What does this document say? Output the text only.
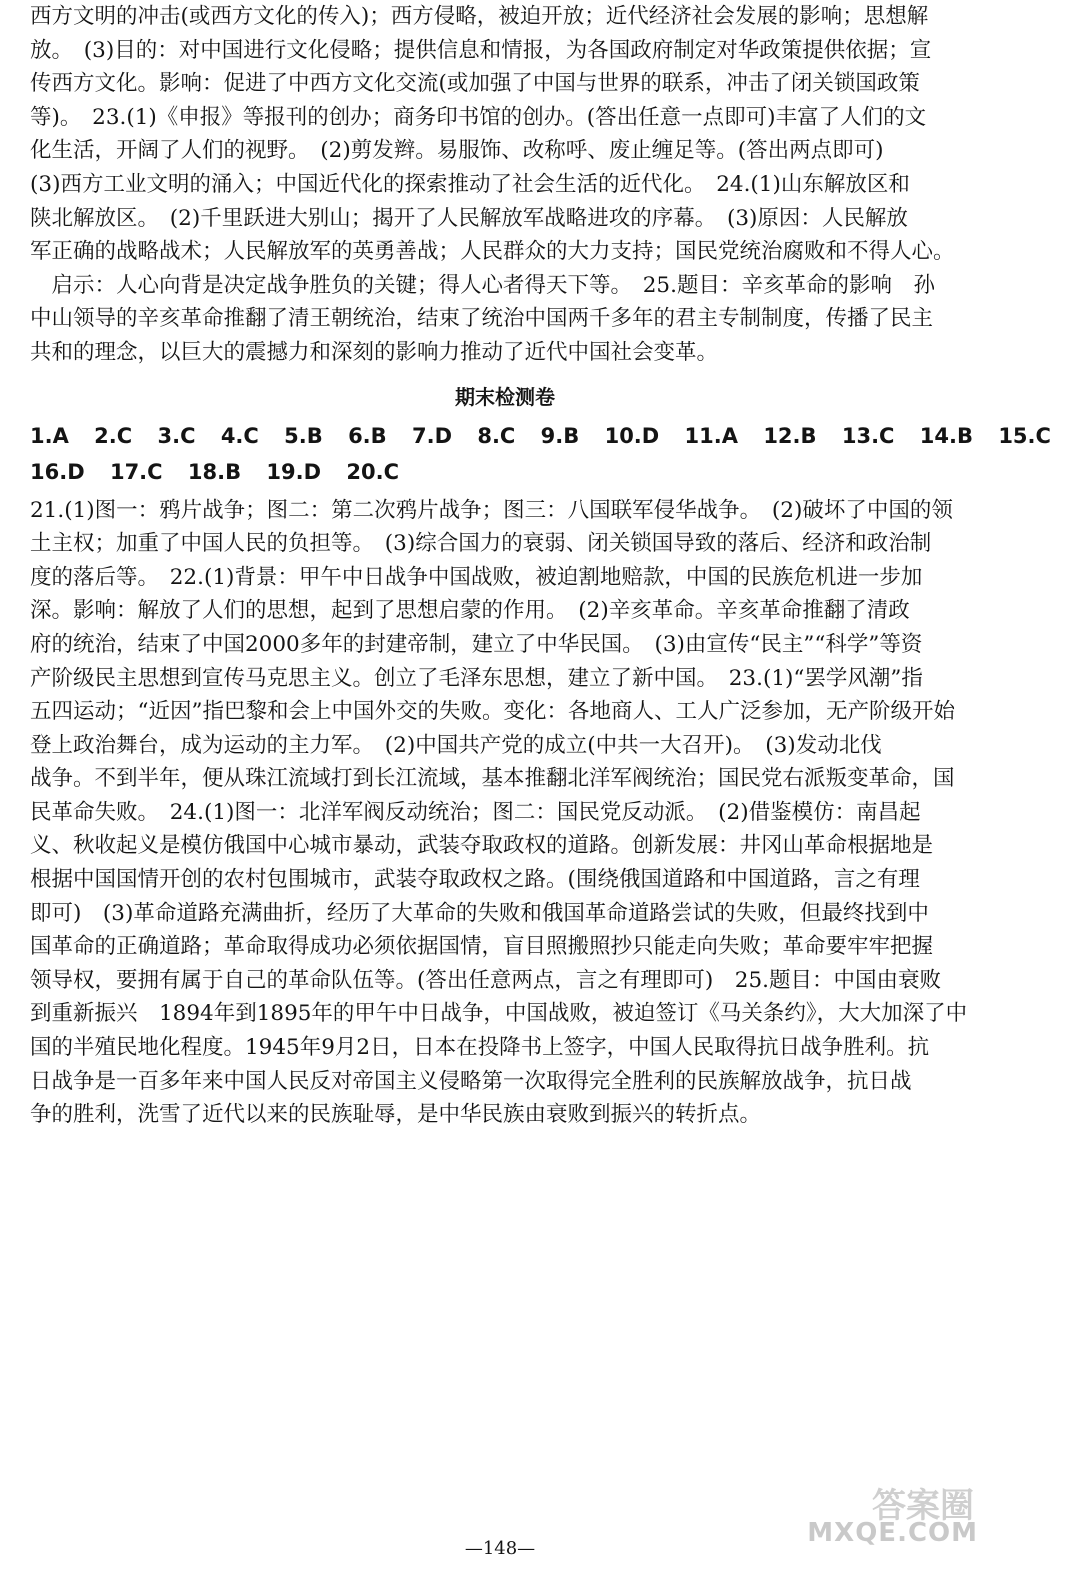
西方文明的冲击(或西方文化的传入)；西方侵略，被迫开放；近代经济社会发展的影响；思想解
放。　(3)目的：对中国进行文化侵略；提供信息和情报，为各国政府制定对华政策提供依据；宣
传西方文化。影响：促进了中西方文化交流(或加强了中国与世界的联系，冲击了闭关锁国政策
等)。　23.(1)《申报》等报刊的创办；商务印书馆的创办。(答出任意一点即可)丰富了人们的文
化生活，开阔了人们的视野。　(2)剪发辫。易服饰、改称呼、废止缠足等。(答出两点即可)
(3)西方工业文明的涌入；中国近代化的探索推动了社会生活的近代化。　24.(1)山东解放区和
陕北解放区。　(2)千里跃进大别山；揭开了人民解放军战略进攻的序幕。　(3)原因：人民解放
军正确的战略战术；人民解放军的英勇善战；人民群众的大力支持；国民党统治腐败和不得人心。
　启示：人心向背是决定战争胜负的关键；得人心者得天下等。　25.题目：辛亥革命的影响　孙
中山领导的辛亥革命推翻了清王朝统治，结束了统治中国两千多年的君主专制制度，传播了民主
共和的理念，以巨大的震撼力和深刻的影响力推动了近代中国社会变革。
期末检测卷
1.A 2.C 3.C 4.C 5.B 6.B 7.D 8.C 9.B 10.D 11.A 12.B 13.C 14.B 15.C
16.D 17.C 18.B 19.D 20.C
21.(1)图一：鸦片战争；图二：第二次鸦片战争；图三：八国联军侵华战争。　(2)破坏了中国的领
土主权；加重了中国人民的负担等。　(3)综合国力的衰弱、闭关锁国导致的落后、经济和政治制
度的落后等。　22.(1)背景：甲午中日战争中国战败，被迫割地赔款，中国的民族危机进一步加
深。影响：解放了人们的思想，起到了思想启蒙的作用。　(2)辛亥革命。辛亥革命推翻了清政
府的统治，结束了中国2000多年的封建帝制，建立了中华民国。　(3)由宣传“民主”“科学”等资
产阶级民主思想到宣传马克思主义。创立了毛泽东思想，建立了新中国。　23.(1)“罢学风潮”指
五四运动；“近因”指巴黎和会上中国外交的失败。变化：各地商人、工人广泛参加，无产阶级开始
登上政治舞台，成为运动的主力军。　(2)中国共产党的成立(中共一大召开)。　(3)发动北伐
战争。不到半年，便从珠江流域打到长江流域，基本推翻北洋军阀统治；国民党右派叛变革命，国
民革命失败。　24.(1)图一：北洋军阀反动统治；图二：国民党反动派。　(2)借鉴模仿：南昌起
义、秋收起义是模仿俄国中心城市暴动，武装夺取政权的道路。创新发展：井冈山革命根据地是
根据中国国情开创的农村包围城市，武装夺取政权之路。(围绕俄国道路和中国道路，言之有理
即可)　(3)革命道路充满曲折，经历了大革命的失败和俄国革命道路尝试的失败，但最终找到中
国革命的正确道路；革命取得成功必须依据国情，盲目照搬照抄只能走向失败；革命要牢牢把握
领导权，要拥有属于自己的革命队伍等。(答出任意两点，言之有理即可)　25.题目：中国由衰败
到重新振兴　1894年到1895年的甲午中日战争，中国战败，被迫签订《马关条约》，大大加深了中
国的半殖民地化程度。1945年9月2日，日本在投降书上签字，中国人民取得抗日战争胜利。抗
日战争是一百多年来中国人民反对帝国主义侵略第一次取得完全胜利的民族解放战争，抗日战
争的胜利，洗雪了近代以来的民族耻辱，是中华民族由衰败到振兴的转折点。
答案圈
MXQE.COM
—148—
